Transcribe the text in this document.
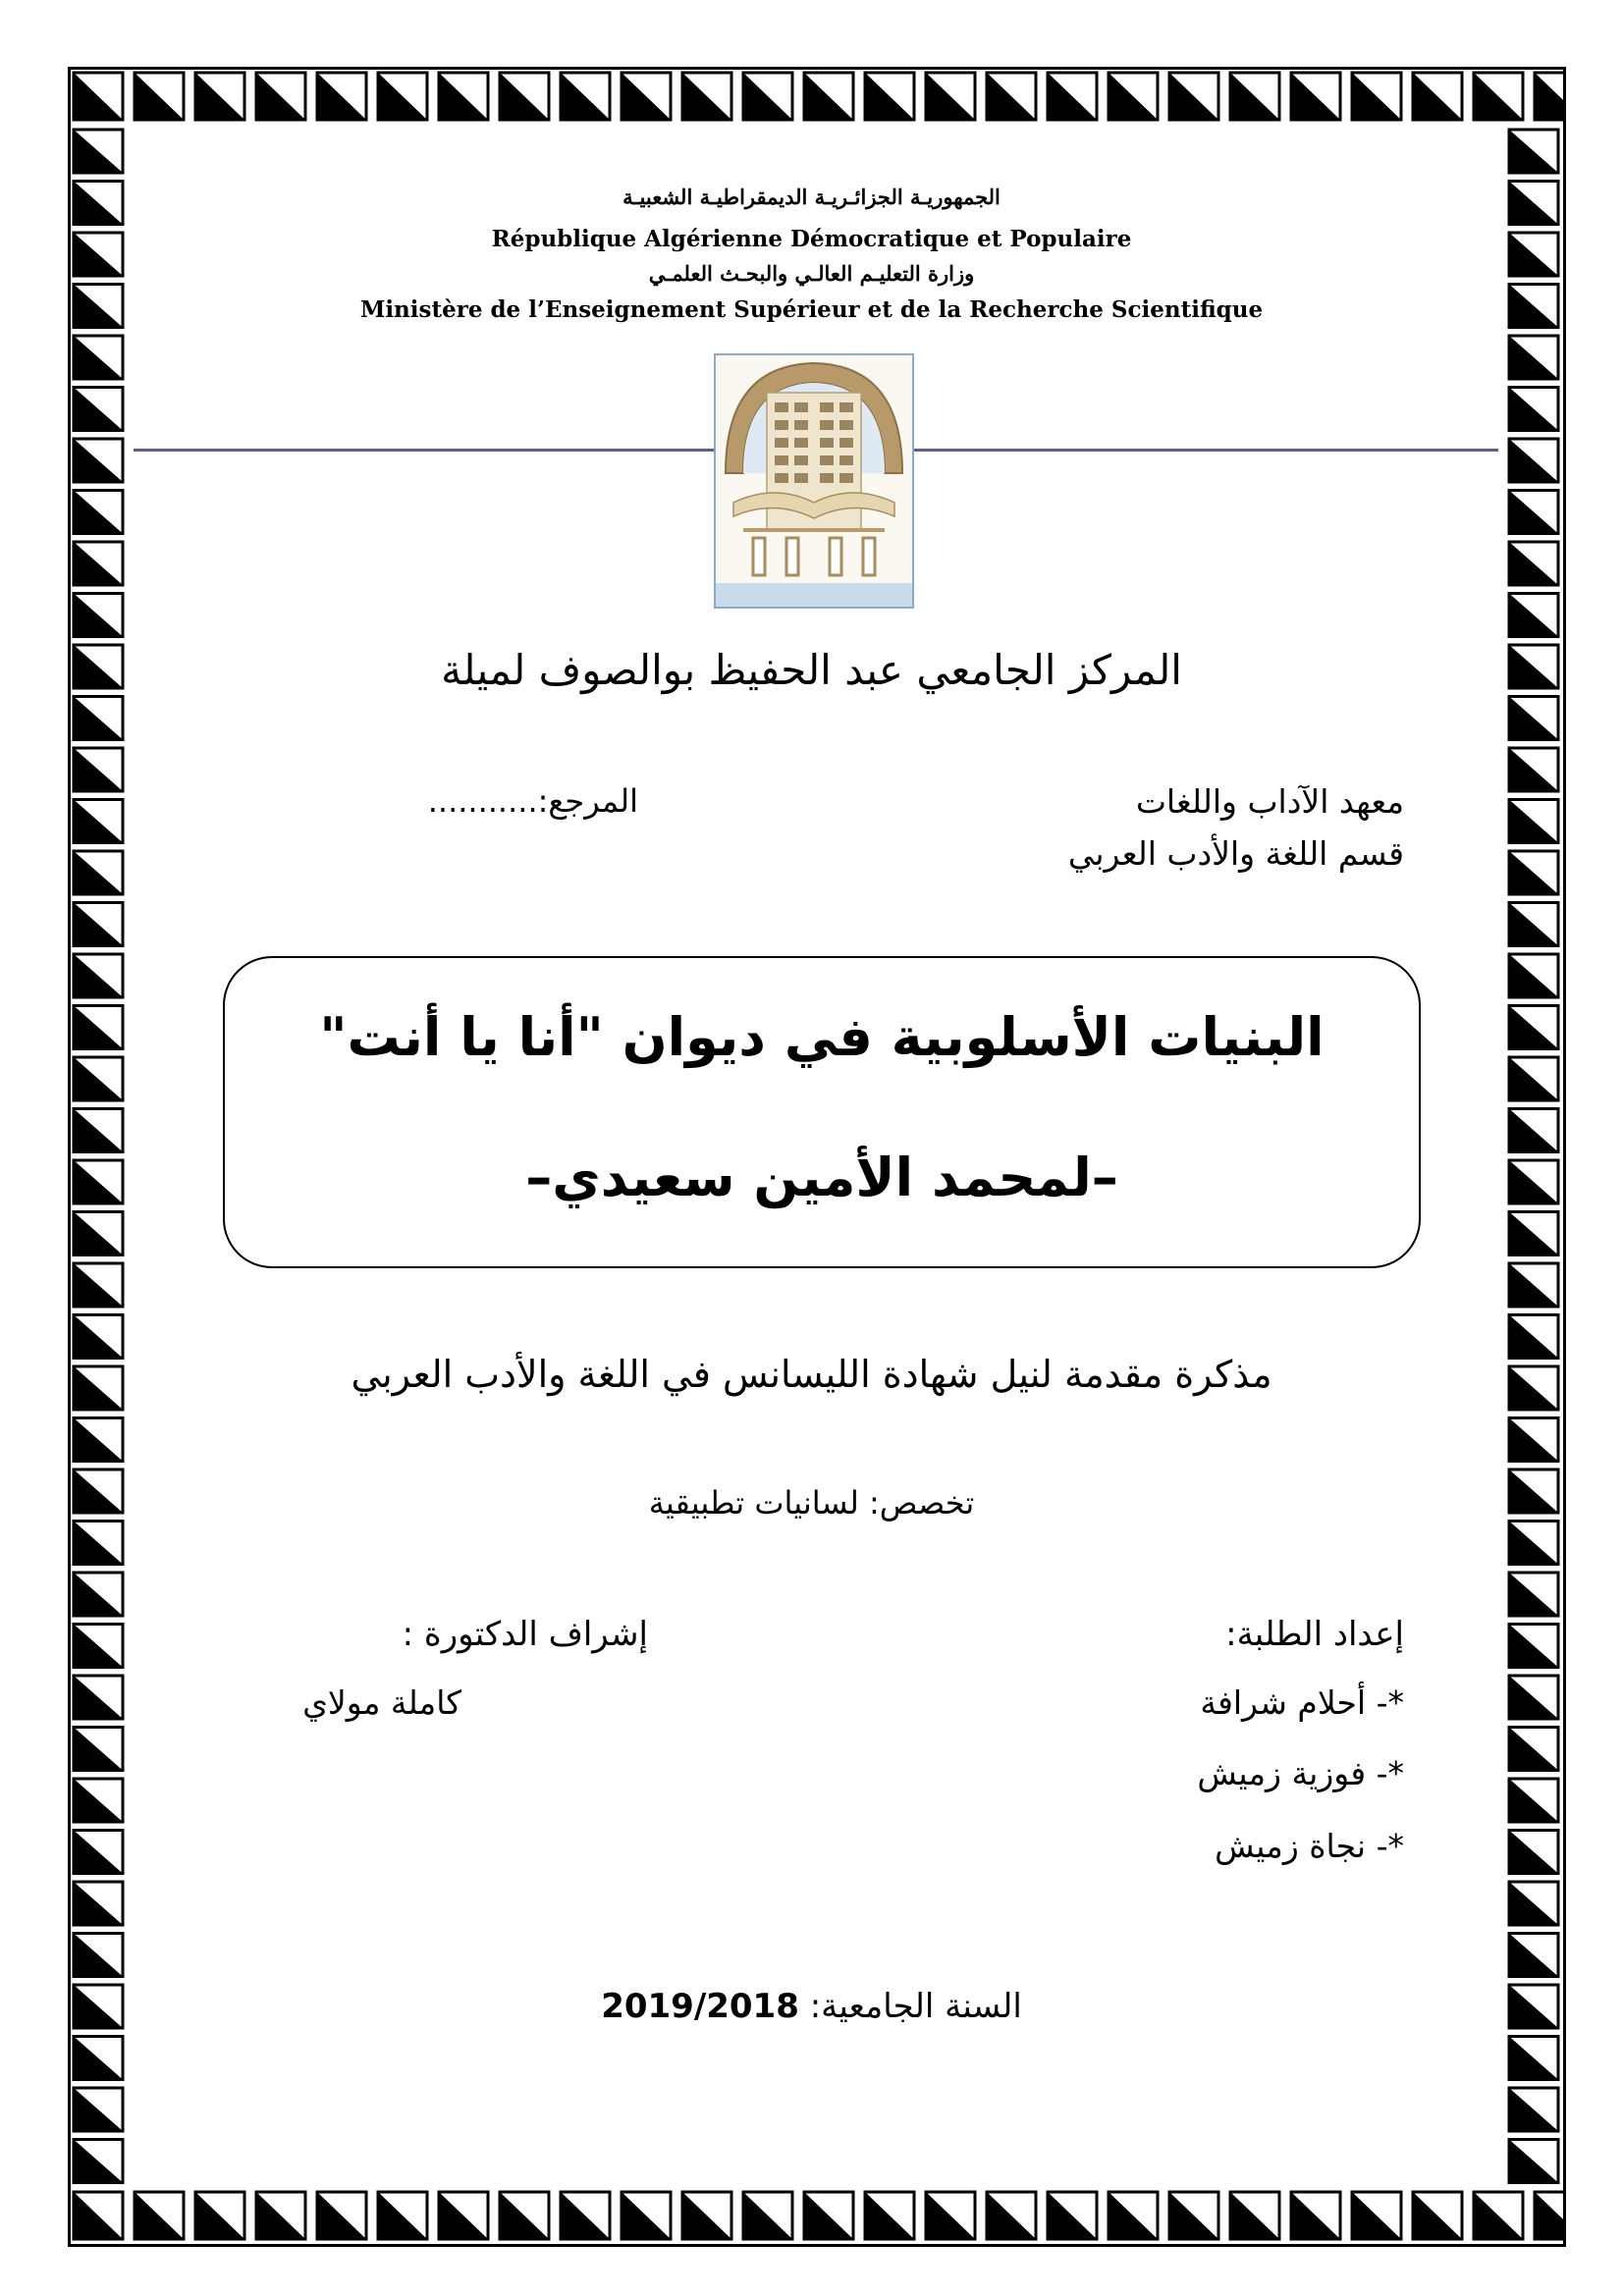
الجمهوريـة الجزائـريـة الديمقراطيـة الشعبيـة
République Algérienne Démocratique et Populaire
وزارة التعليـم العالـي والبحـث العلمـي
Ministère de l’Enseignement Supérieur et de la Recherche Scientifique
المركز الجامعي عبد الحفيظ بوالصوف لميلة
معهد الآداب واللغات
قسم اللغة والأدب العربي
المرجع:...........
البنيات الأسلوبية في ديوان "أنا يا أنت"
–لمحمد الأمين سعيدي–
مذكرة مقدمة لنيل شهادة الليسانس في اللغة والأدب العربي
تخصص: لسانيات تطبيقية
إعداد الطلبة:
*- أحلام شرافة
*- فوزية زميش
*- نجاة زميش
إشراف الدكتورة :
كاملة مولاي
2019/2018 السنة الجامعية:
